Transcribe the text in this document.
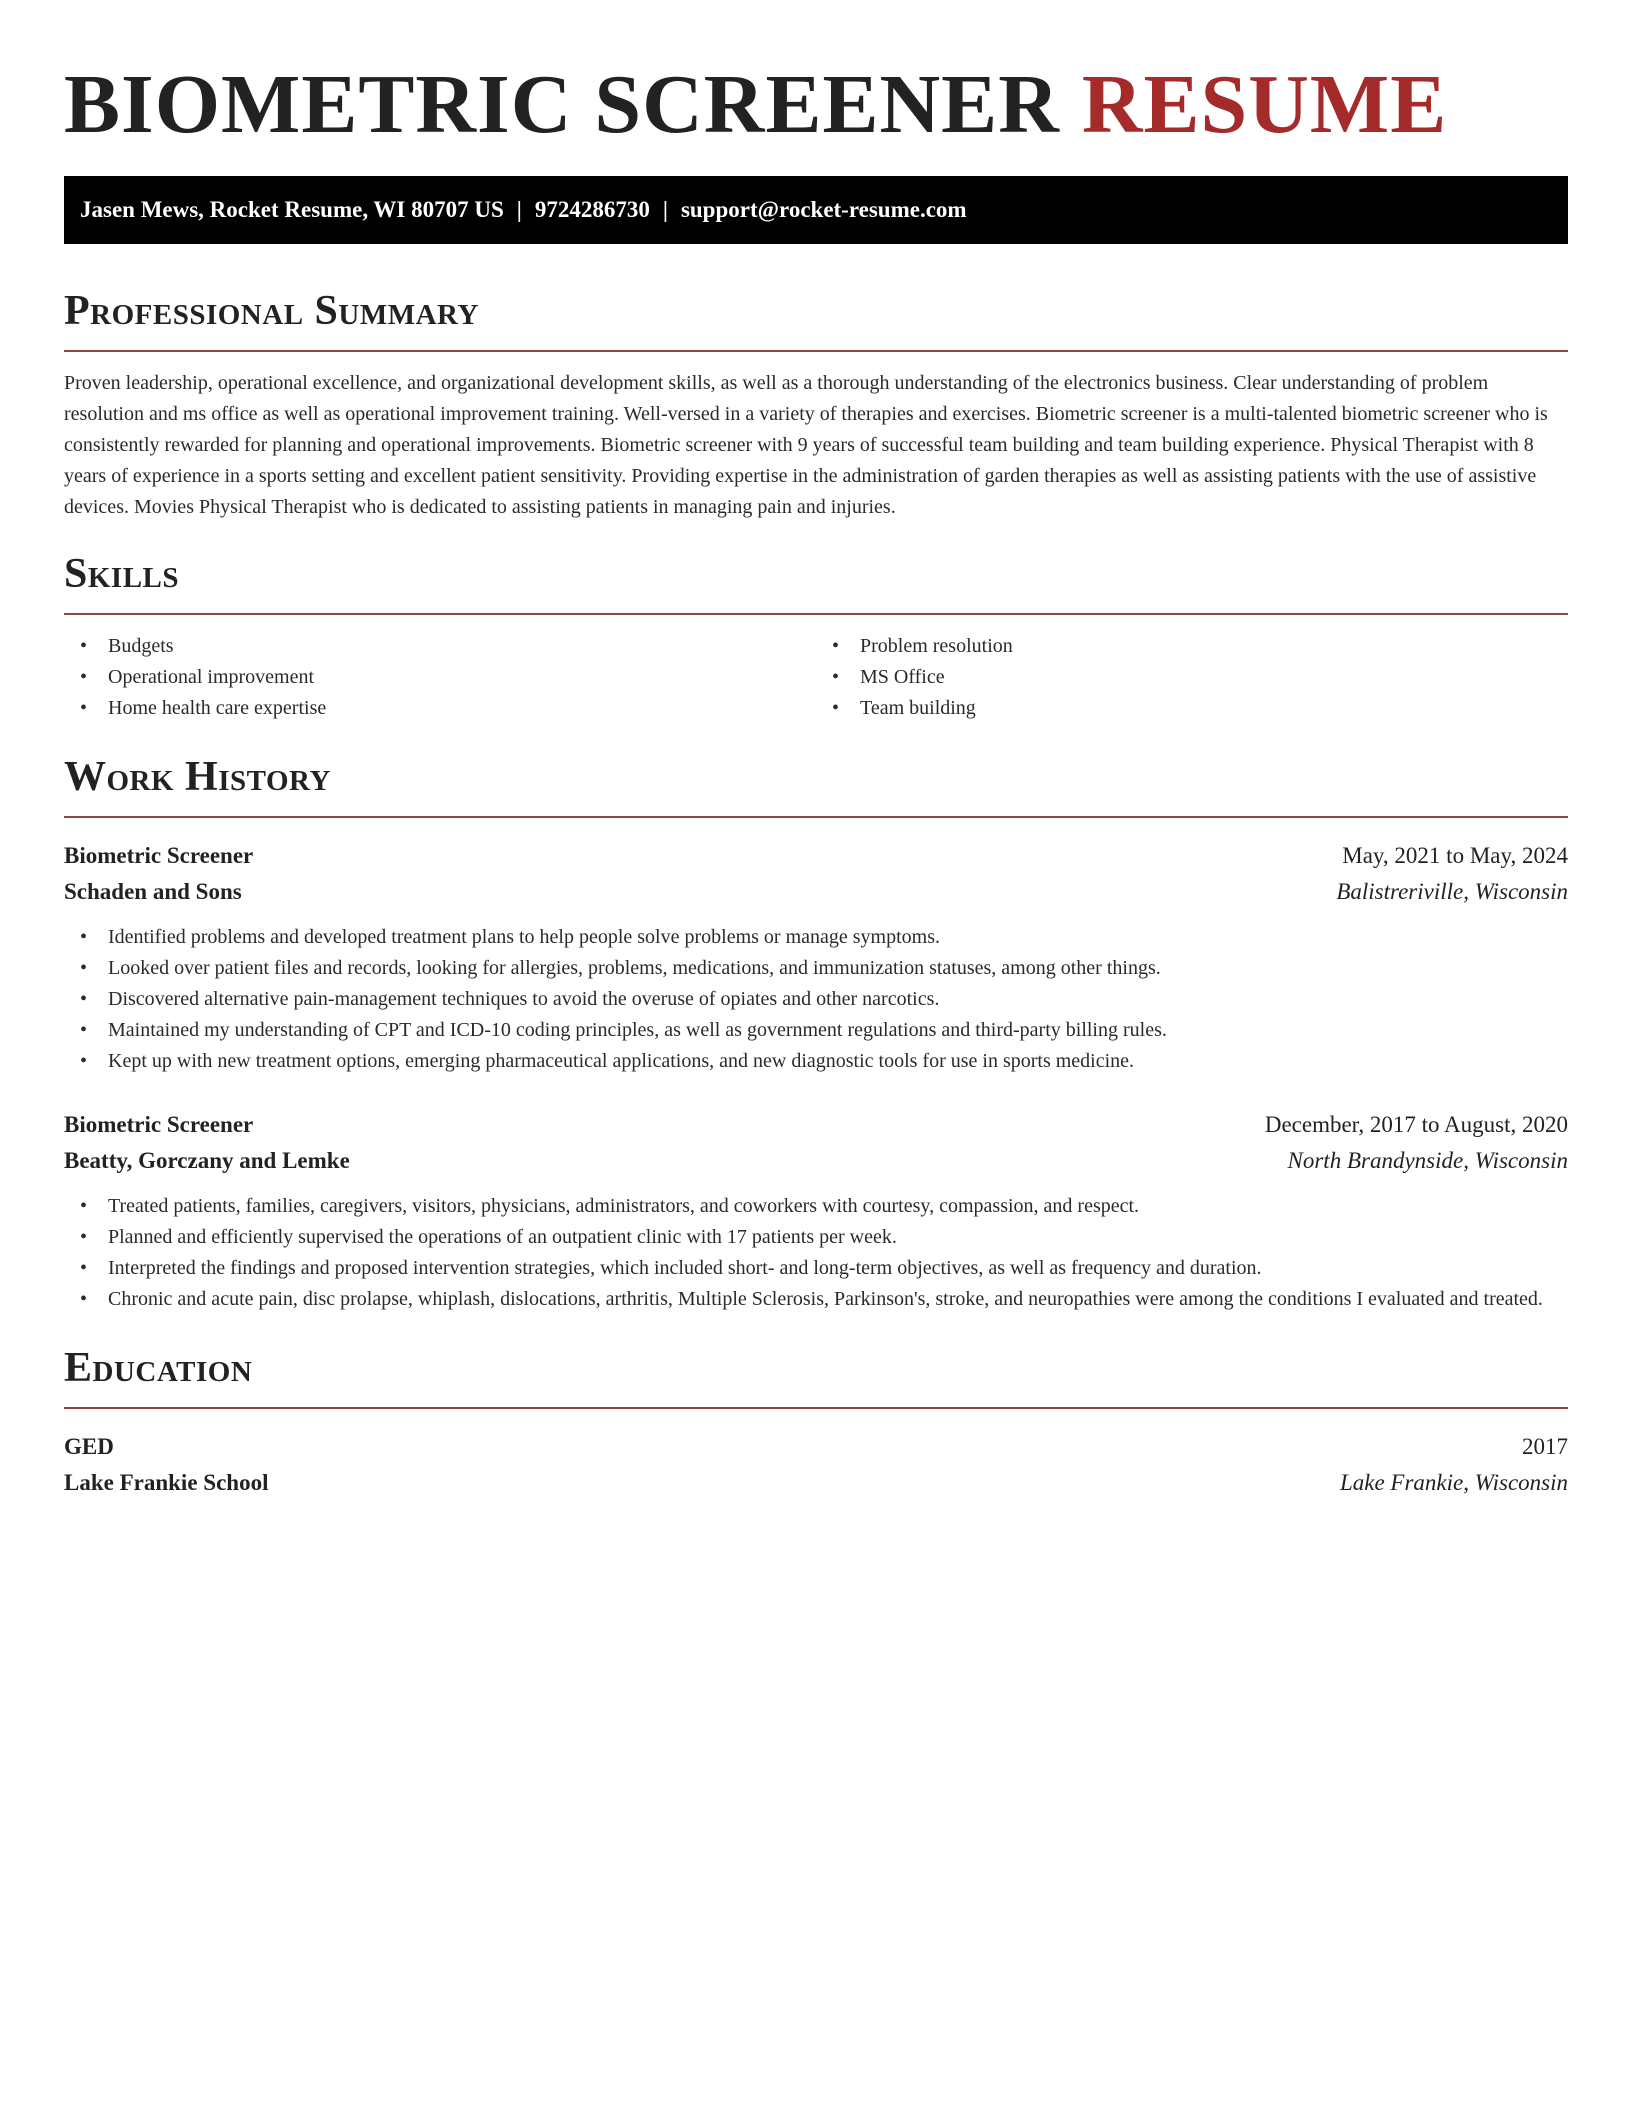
BIOMETRIC SCREENER RESUME
Jasen Mews, Rocket Resume, WI 80707 US | 9724286730 | support@rocket-resume.com
Professional Summary

Proven leadership, operational excellence, and organizational development skills, as well as a thorough understanding of the electronics business. Clear understanding of problem resolution and ms office as well as operational improvement training. Well-versed in a variety of therapies and exercises. Biometric screener is a multi-talented biometric screener who is consistently rewarded for planning and operational improvements. Biometric screener with 9 years of successful team building and team building experience. Physical Therapist with 8 years of experience in a sports setting and excellent patient sensitivity. Providing expertise in the administration of garden therapies as well as assisting patients with the use of assistive devices. Movies Physical Therapist who is dedicated to assisting patients in managing pain and injuries.

Skills
• Budgets
• Operational improvement
• Home health care expertise
• Problem resolution
• MS Office
• Team building
Work History
Biometric Screener	May, 2021 to May, 2024
Schaden and Sons	Balistreriville, Wisconsin
• Identified problems and developed treatment plans to help people solve problems or manage symptoms.
• Looked over patient files and records, looking for allergies, problems, medications, and immunization statuses, among other things.
• Discovered alternative pain-management techniques to avoid the overuse of opiates and other narcotics.
• Maintained my understanding of CPT and ICD-10 coding principles, as well as government regulations and third-party billing rules.
• Kept up with new treatment options, emerging pharmaceutical applications, and new diagnostic tools for use in sports medicine.
Biometric Screener	December, 2017 to August, 2020
Beatty, Gorczany and Lemke	North Brandynside, Wisconsin
• Treated patients, families, caregivers, visitors, physicians, administrators, and coworkers with courtesy, compassion, and respect.
• Planned and efficiently supervised the operations of an outpatient clinic with 17 patients per week.
• Interpreted the findings and proposed intervention strategies, which included short- and long-term objectives, as well as frequency and duration.
• Chronic and acute pain, disc prolapse, whiplash, dislocations, arthritis, Multiple Sclerosis, Parkinson's, stroke, and neuropathies were among the conditions I evaluated and treated.
Education
GED	2017
Lake Frankie School	Lake Frankie, Wisconsin
